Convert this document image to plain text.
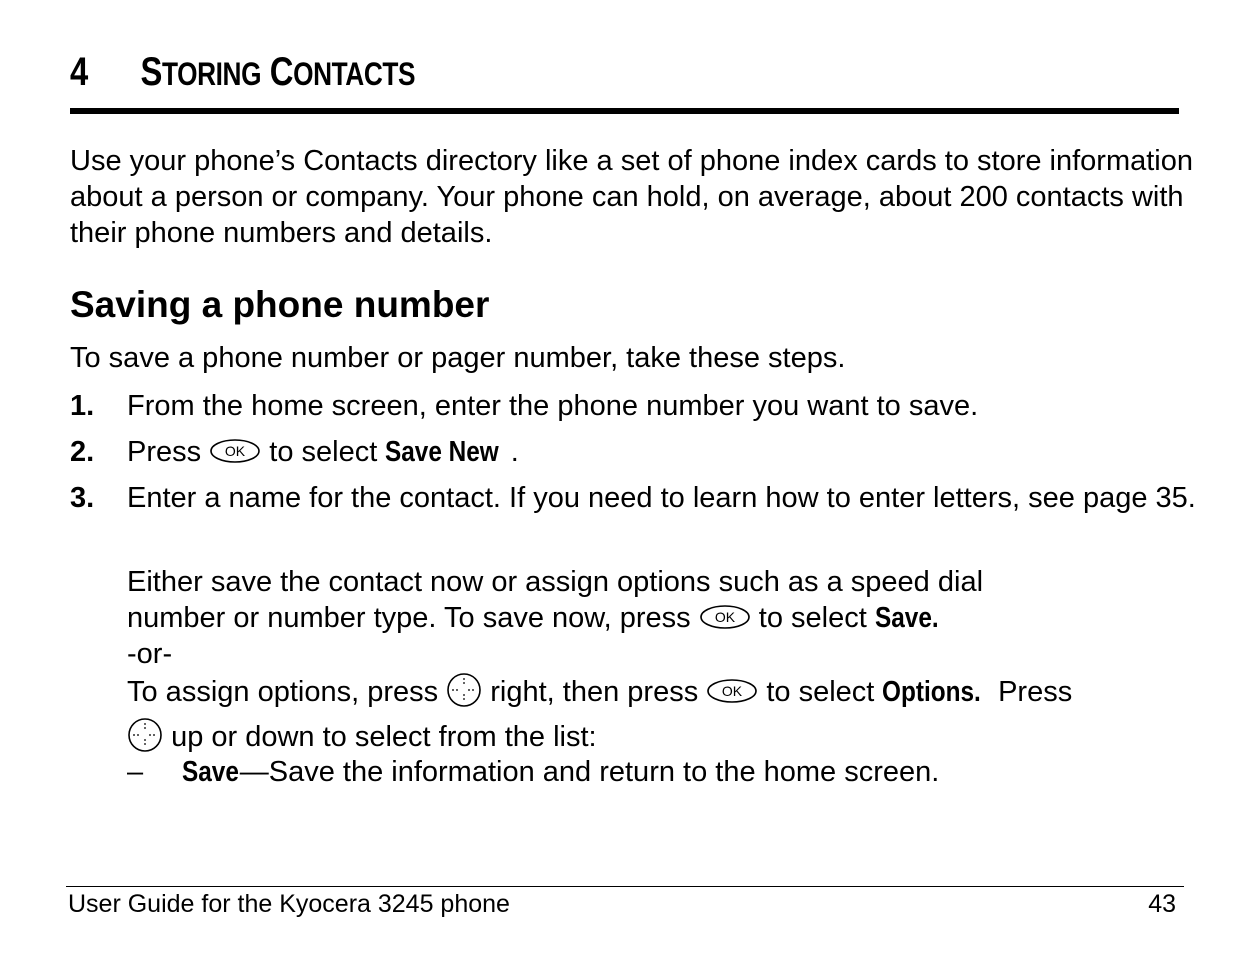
4 STORING CONTACTS

Use your phone’s Contacts directory like a set of phone index cards to store information about a person or company. Your phone can hold, on average, about 200 contacts with their phone numbers and details.

Saving a phone number

To save a phone number or pager number, take these steps.

1. From the home screen, enter the phone number you want to save.
2. Press OK to select Save New .
3. Enter a name for the contact. If you need to learn how to enter letters, see page 35.

Either save the contact now or assign options such as a speed dial
number or number type. To save now, press OK to select Save.

-or-

To assign options, press right, then press OK to select Options. Press
up or down to select from the list:

– Save—Save the information and return to the home screen.
User Guide for the Kyocera 3245 phone	43
